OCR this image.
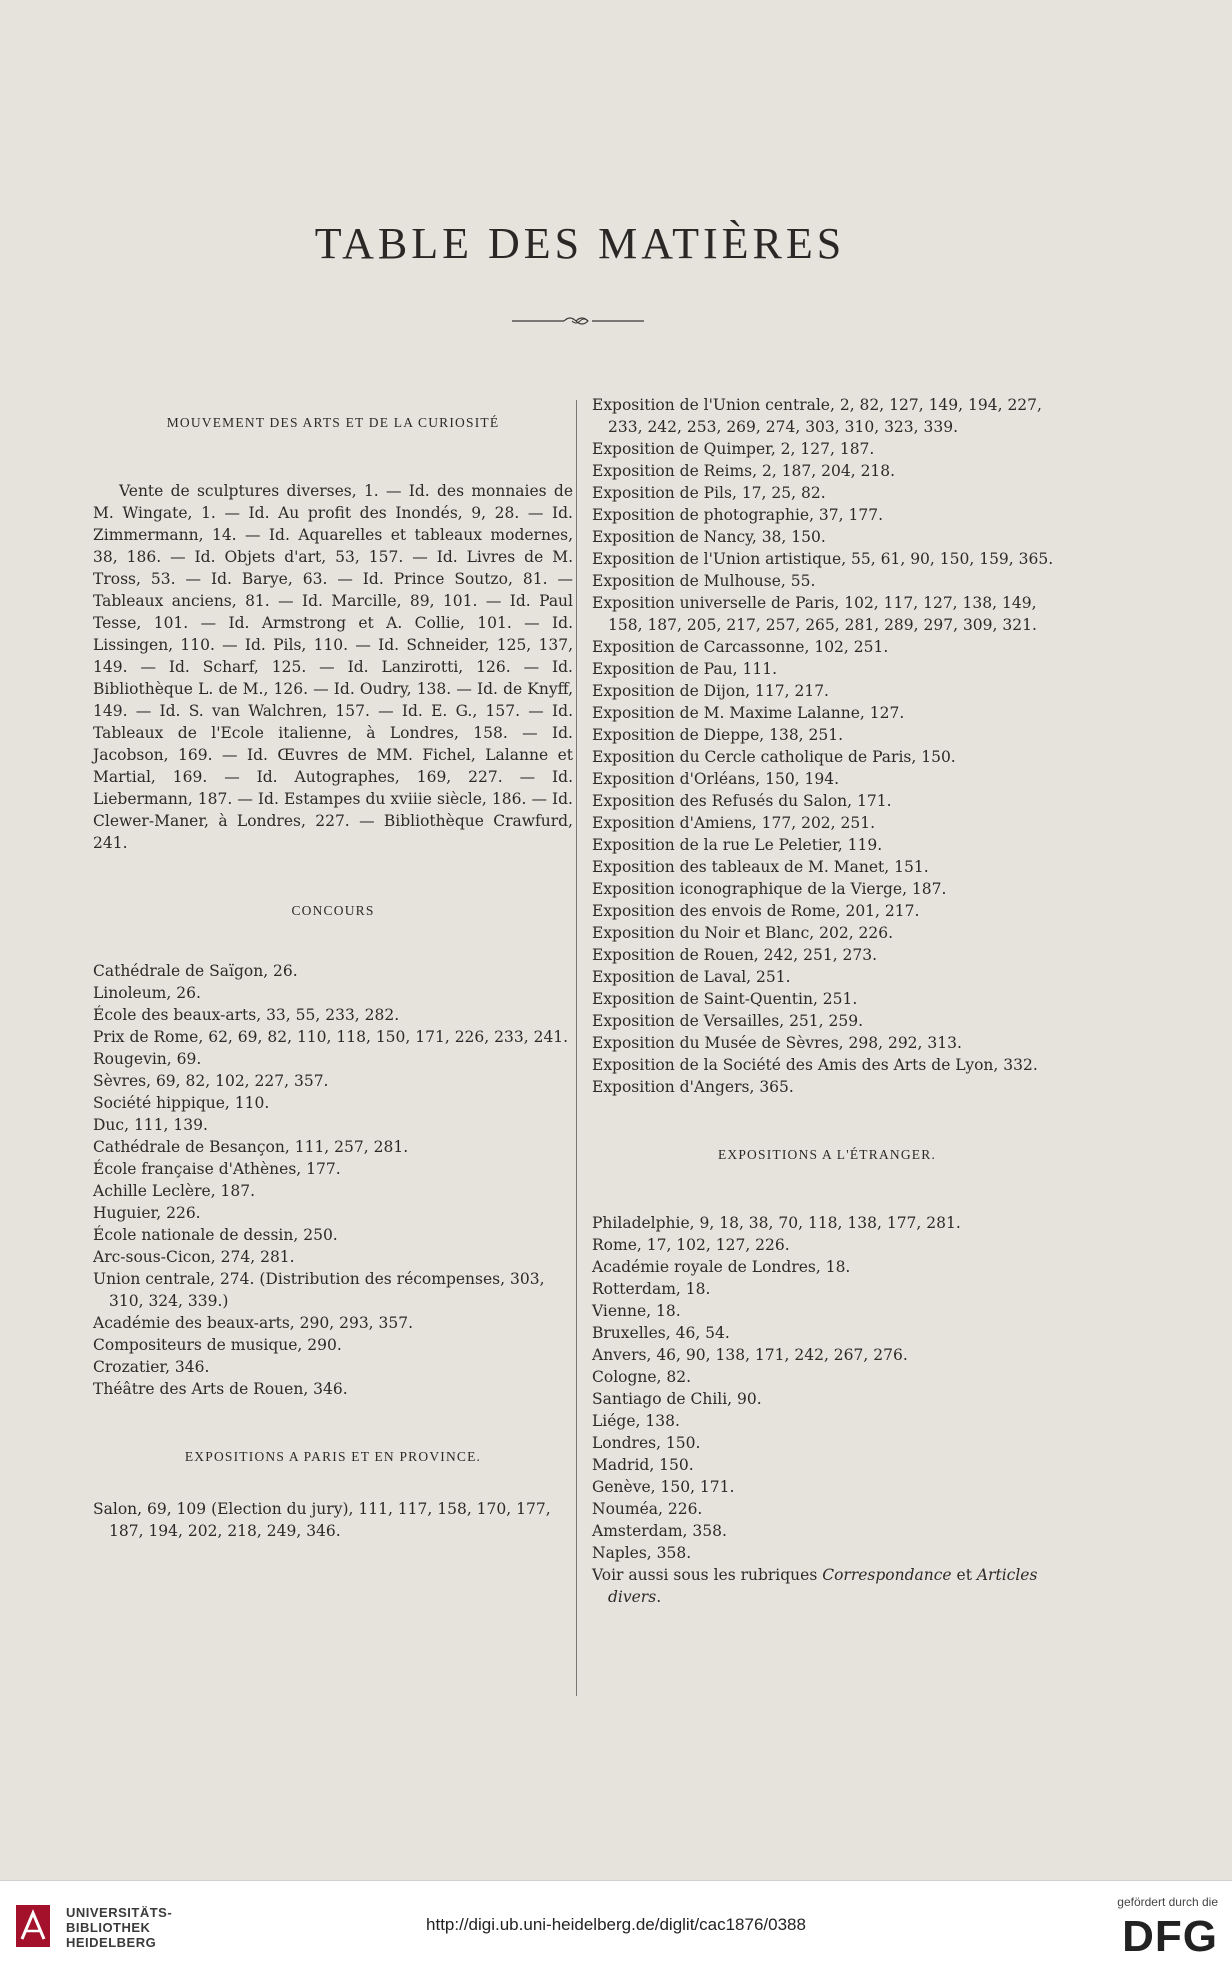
TABLE DES MATIÈRES
MOUVEMENT DES ARTS ET DE LA CURIOSITÉ
Vente de sculptures diverses, 1. — Id. des monnaies de M. Wingate, 1. — Id. Au profit des Inondés, 9, 28. — Id. Zimmermann, 14. — Id. Aquarelles et tableaux modernes, 38, 186. — Id. Objets d'art, 53, 157. — Id. Livres de M. Tross, 53. — Id. Barye, 63. — Id. Prince Soutzo, 81. — Tableaux anciens, 81. — Id. Marcille, 89, 101. — Id. Paul Tesse, 101. — Id. Armstrong et A. Collie, 101. — Id. Lissingen, 110. — Id. Pils, 110. — Id. Schneider, 125, 137, 149. — Id. Scharf, 125. — Id. Lanzirotti, 126. — Id. Bibliothèque L. de M., 126. — Id. Oudry, 138. — Id. de Knyff, 149. — Id. S. van Walchren, 157. — Id. E. G., 157. — Id. Tableaux de l'Ecole italienne, à Londres, 158. — Id. Jacobson, 169. — Id. Œuvres de MM. Fichel, Lalanne et Martial, 169. — Id. Autographes, 169, 227. — Id. Liebermann, 187. — Id. Estampes du xviiie siècle, 186. — Id. Clewer-Maner, à Londres, 227. — Bibliothèque Crawfurd, 241.
CONCOURS
Cathédrale de Saïgon, 26.
Linoleum, 26.
École des beaux-arts, 33, 55, 233, 282.
Prix de Rome, 62, 69, 82, 110, 118, 150, 171, 226, 233, 241.
Rougevin, 69.
Sèvres, 69, 82, 102, 227, 357.
Société hippique, 110.
Duc, 111, 139.
Cathédrale de Besançon, 111, 257, 281.
École française d'Athènes, 177.
Achille Leclère, 187.
Huguier, 226.
École nationale de dessin, 250.
Arc-sous-Cicon, 274, 281.
Union centrale, 274. (Distribution des récompenses, 303, 310, 324, 339.)
Académie des beaux-arts, 290, 293, 357.
Compositeurs de musique, 290.
Crozatier, 346.
Théâtre des Arts de Rouen, 346.
EXPOSITIONS A PARIS ET EN PROVINCE.
Salon, 69, 109 (Election du jury), 111, 117, 158, 170, 177, 187, 194, 202, 218, 249, 346.
Exposition de l'Union centrale, 2, 82, 127, 149, 194, 227, 233, 242, 253, 269, 274, 303, 310, 323, 339.
Exposition de Quimper, 2, 127, 187.
Exposition de Reims, 2, 187, 204, 218.
Exposition de Pils, 17, 25, 82.
Exposition de photographie, 37, 177.
Exposition de Nancy, 38, 150.
Exposition de l'Union artistique, 55, 61, 90, 150, 159, 365.
Exposition de Mulhouse, 55.
Exposition universelle de Paris, 102, 117, 127, 138, 149, 158, 187, 205, 217, 257, 265, 281, 289, 297, 309, 321.
Exposition de Carcassonne, 102, 251.
Exposition de Pau, 111.
Exposition de Dijon, 117, 217.
Exposition de M. Maxime Lalanne, 127.
Exposition de Dieppe, 138, 251.
Exposition du Cercle catholique de Paris, 150.
Exposition d'Orléans, 150, 194.
Exposition des Refusés du Salon, 171.
Exposition d'Amiens, 177, 202, 251.
Exposition de la rue Le Peletier, 119.
Exposition des tableaux de M. Manet, 151.
Exposition iconographique de la Vierge, 187.
Exposition des envois de Rome, 201, 217.
Exposition du Noir et Blanc, 202, 226.
Exposition de Rouen, 242, 251, 273.
Exposition de Laval, 251.
Exposition de Saint-Quentin, 251.
Exposition de Versailles, 251, 259.
Exposition du Musée de Sèvres, 298, 292, 313.
Exposition de la Société des Amis des Arts de Lyon, 332.
Exposition d'Angers, 365.
EXPOSITIONS A L'ÉTRANGER.
Philadelphie, 9, 18, 38, 70, 118, 138, 177, 281.
Rome, 17, 102, 127, 226.
Académie royale de Londres, 18.
Rotterdam, 18.
Vienne, 18.
Bruxelles, 46, 54.
Anvers, 46, 90, 138, 171, 242, 267, 276.
Cologne, 82.
Santiago de Chili, 90.
Liége, 138.
Londres, 150.
Madrid, 150.
Genève, 150, 171.
Nouméa, 226.
Amsterdam, 358.
Naples, 358.
Voir aussi sous les rubriques Correspondance et Articles divers.
UNIVERSITÄTS-
BIBLIOTHEK
HEIDELBERG
http://digi.ub.uni-heidelberg.de/diglit/cac1876/0388
gefördert durch die
DFG
